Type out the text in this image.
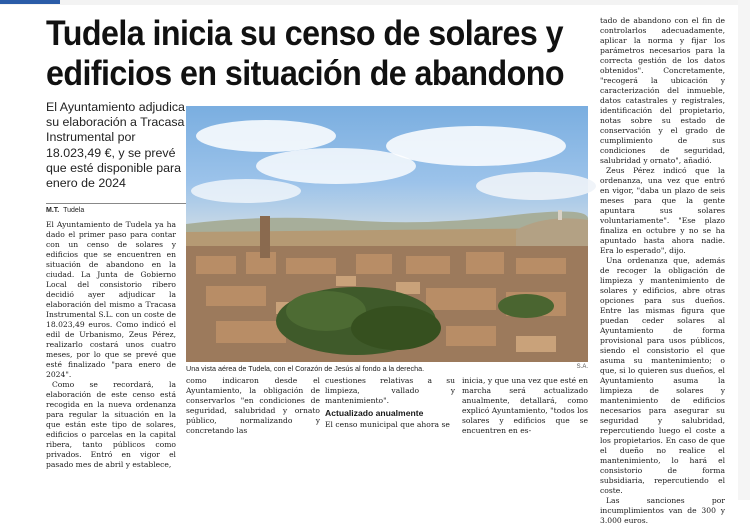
Tudela inicia su censo de solares y
edificios en situación de abandono
El Ayuntamiento adjudica su elaboración a Tracasa Instrumental por 18.023,49 €, y se prevé que esté disponible para enero de 2024
M.T. Tudela

El Ayuntamiento de Tudela ya ha dado el primer paso para contar con un censo de solares y edificios que se encuentren en situación de abandono en la ciudad. La Junta de Gobierno Local del consistorio ribero decidió ayer adjudicar la elaboración del mismo a Tracasa Instrumental S.L. con un coste de 18.023,49 euros. Como indicó el edil de Urbanismo, Zeus Pérez, realizarlo costará unos cuatro meses, por lo que se prevé que esté finalizado "para enero de 2024".

Como se recordará, la elaboración de este censo está recogida en la nueva ordenanza para regular la situación en la que están este tipo de solares, edificios o parcelas en la capital ribera, tanto públicos como privados. Entró en vigor el pasado mes de abril y establece,

Una vista aérea de Tudela, con el Corazón de Jesús al fondo a la derecha.	S.A.

como indicaron desde el Ayuntamiento, la obligación de conservarlos "en condiciones de seguridad, salubridad y ornato público, normalizando y concretando las

cuestiones relativas a su limpieza, vallado y mantenimiento".

Actualizado anualmente

El censo municipal que ahora se

inicia, y que una vez que esté en marcha será actualizado anualmente, detallará, como explicó Ayuntamiento, "todos los solares y edificios que se encuentren en es-

tado de abandono con el fin de controlarlos adecuadamente, aplicar la norma y fijar los parámetros necesarios para la correcta gestión de los datos obtenidos". Concretamente, "recogerá la ubicación y caracterización del inmueble, datos catastrales y registrales, identificación del propietario, notas sobre su estado de conservación y el grado de cumplimiento de sus condiciones de seguridad, salubridad y ornato", añadió.

Zeus Pérez indicó que la ordenanza, una vez que entró en vigor, "daba un plazo de seis meses para que la gente apuntara sus solares voluntariamente". "Ese plazo finaliza en octubre y no se ha apuntado hasta ahora nadie. Era lo esperado", dijo.

Una ordenanza que, además de recoger la obligación de limpieza y mantenimiento de solares y edificios, abre otras opciones para sus dueños. Entre las mismas figura que puedan ceder solares al Ayuntamiento de forma provisional para usos públicos, siendo el consistorio el que asuma su mantenimiento; o que, si lo quieren sus dueños, el Ayuntamiento asuma la limpieza de solares y mantenimiento de edificios necesarios para asegurar su seguridad y salubridad, repercutiendo luego el coste a los propietarios. En caso de que el dueño no realice el mantenimiento, lo hará el consistorio de forma subsidiaria, repercutiendo el coste.

Las sanciones por incumplimientos van de 300 y 3.000 euros.
